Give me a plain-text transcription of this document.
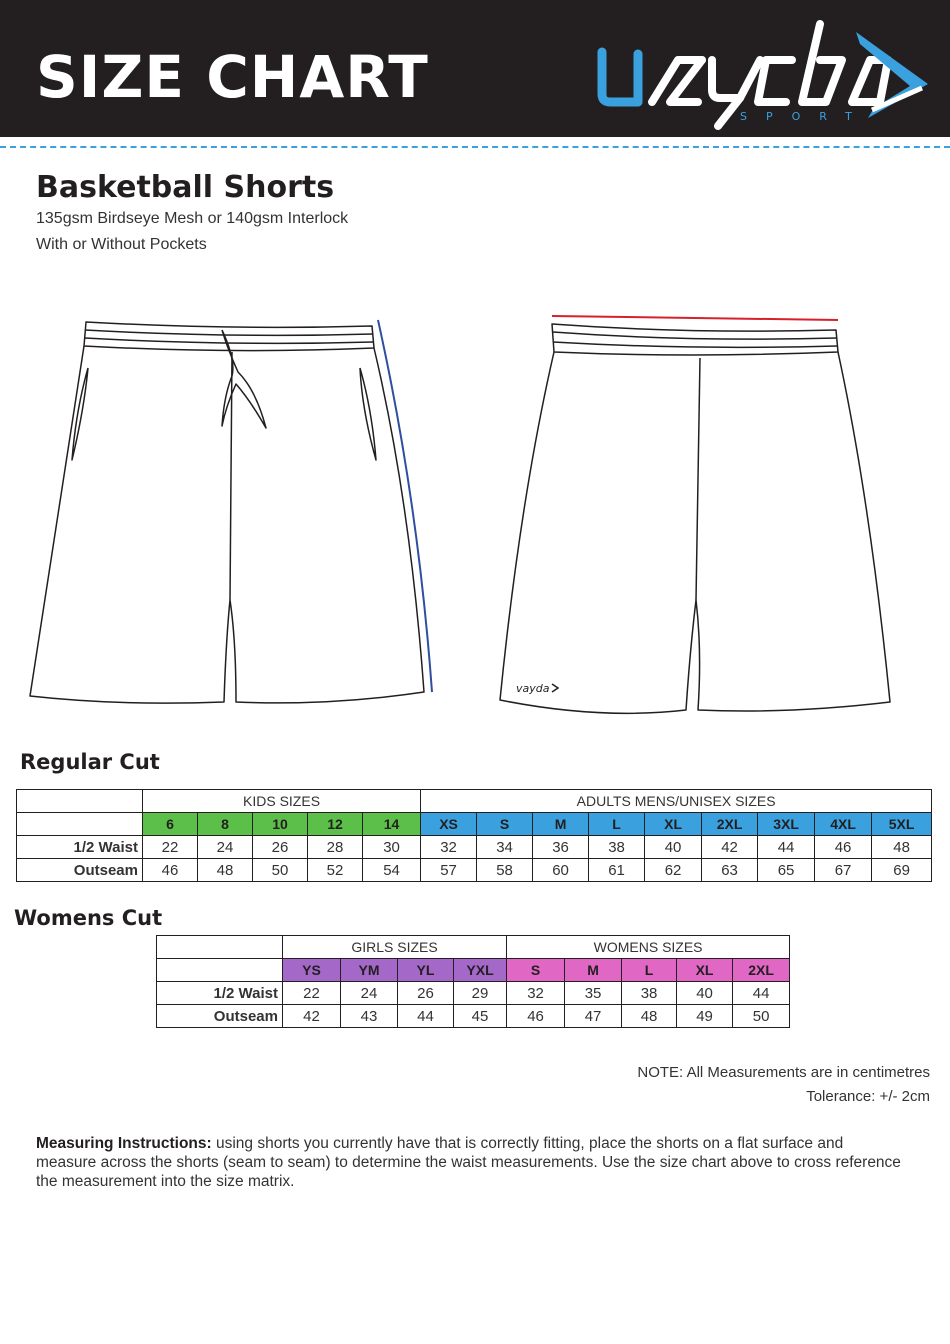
SIZE CHART
SPORT
Basketball Shorts
135gsm Birdseye Mesh or 140gsm Interlock
With or Without Pockets
vayda
Regular Cut
	KIDS SIZES					ADULTS MENS/UNISEX SIZES								
	6	8	10	12	14	XS	S	M	L	XL	2XL	3XL	4XL	5XL
1/2 Waist	22	24	26	28	30	32	34	36	38	40	42	44	46	48
Outseam	46	48	50	52	54	57	58	60	61	62	63	65	67	69
Womens Cut
	GIRLS SIZES				WOMENS SIZES				
	YS	YM	YL	YXL	S	M	L	XL	2XL
1/2 Waist	22	24	26	29	32	35	38	40	44
Outseam	42	43	44	45	46	47	48	49	50
NOTE: All Measurements are in centimetres
Tolerance: +/- 2cm
Measuring Instructions: using shorts you currently have that is correctly fitting, place the shorts on a flat surface and measure across the shorts (seam to seam) to determine the waist measurements. Use the size chart above to cross reference the measurement into the size matrix.
